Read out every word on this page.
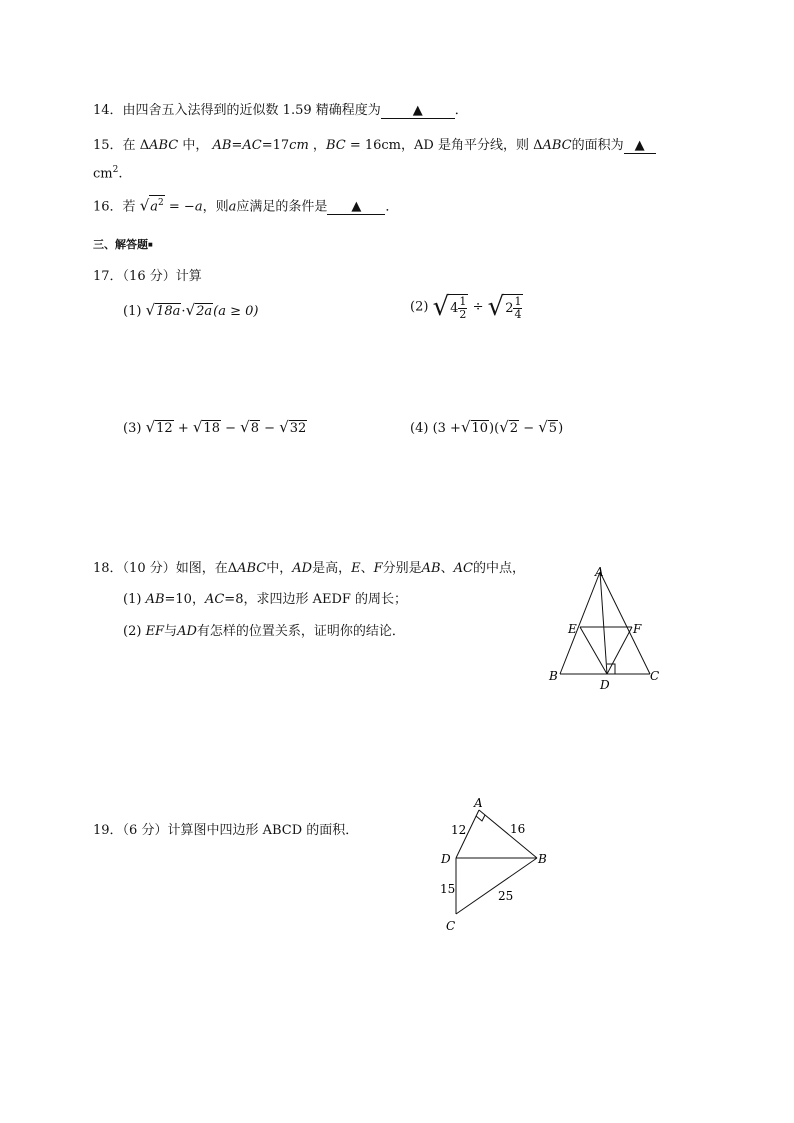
14．由四舍五入法得到的近似数 1.59 精确程度为 ▲ ．
15．在 ΔABC 中， AB=AC=17cm ，BC = 16cm，AD 是角平分线，则 ΔABC的面积为 ▲
$cm^2$.
16．若 $√a^2 = -a$，则a应满足的条件是 ▲ ．
三、解答题■
17．（16 分）计算
(1) √18a·√2a(a ≥ 0)	(2) $√4 \frac{1}{2} \div √2 \frac{1}{4}$
(3) √12 + √18 − √8 − √32	(4) (3 +√10)(√2 − √5)
18．（10 分）如图，在ΔABC中，AD是高，E、F分别是AB、AC的中点，
(1) AB=10，AC=8，求四边形 AEDF 的周长；
(2) EF与AD有怎样的位置关系，证明你的结论．
A
B	C
D
E	F
19．（6 分）计算图中四边形 ABCD 的面积．
A
B
C
D
12	16
15	25
